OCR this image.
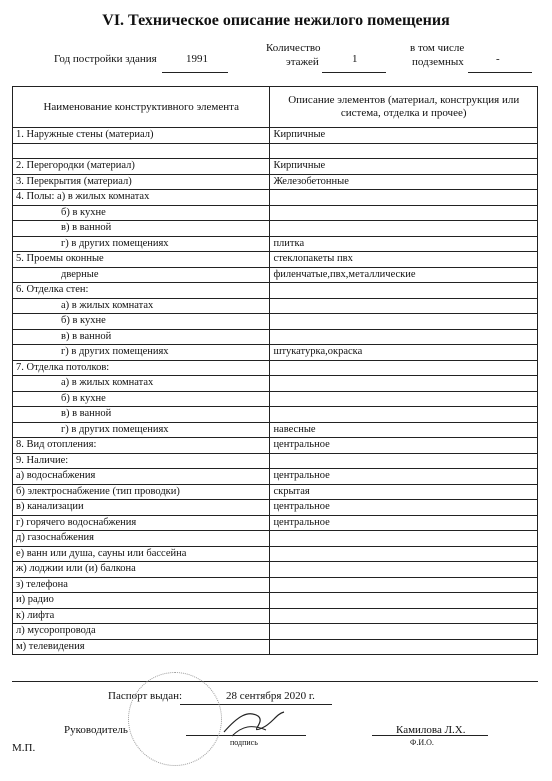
VI. Техническое описание нежилого помещения
Год постройки здания	1991
Количество
этажей	1
в том числе
подземных	-
Наименование конструктивного элемента	Описание элементов (материал, конструкция или система, отделка и прочее)
1. Наружные стены (материал)	Кирпичные

2. Перегородки (материал)	Кирпичные
3. Перекрытия (материал)	Железобетонные
4. Полы: а) в жилых комнатах	
б) в кухне	
в) в ванной	
г) в других помещениях	плитка
5. Проемы оконные	стеклопакеты пвх
дверные	филенчатые,пвх,металлические
6. Отделка стен:	
а) в жилых комнатах	
б) в кухне	
в) в ванной	
г) в других помещениях	штукатурка,окраска
7. Отделка потолков:	
а) в жилых комнатах	
б) в кухне	
в) в ванной	
г) в других помещениях	навесные
8. Вид отопления:	центральное
9. Наличие:	
а) водоснабжения	центральное
б) электроснабжение (тип проводки)	скрытая
в) канализации	центральное
г) горячего водоснабжения	центральное
д) газоснабжения	
е) ванн или душа, сауны или бассейна	
ж) лоджии или (и) балкона	
з) телефона	
и) радио	
к) лифта	
л) мусоропровода	
м) телевидения	
Паспорт выдан:	28 сентября 2020 г.
Руководитель
подпись
Камилова Л.Х.
Ф.И.О.
М.П.
